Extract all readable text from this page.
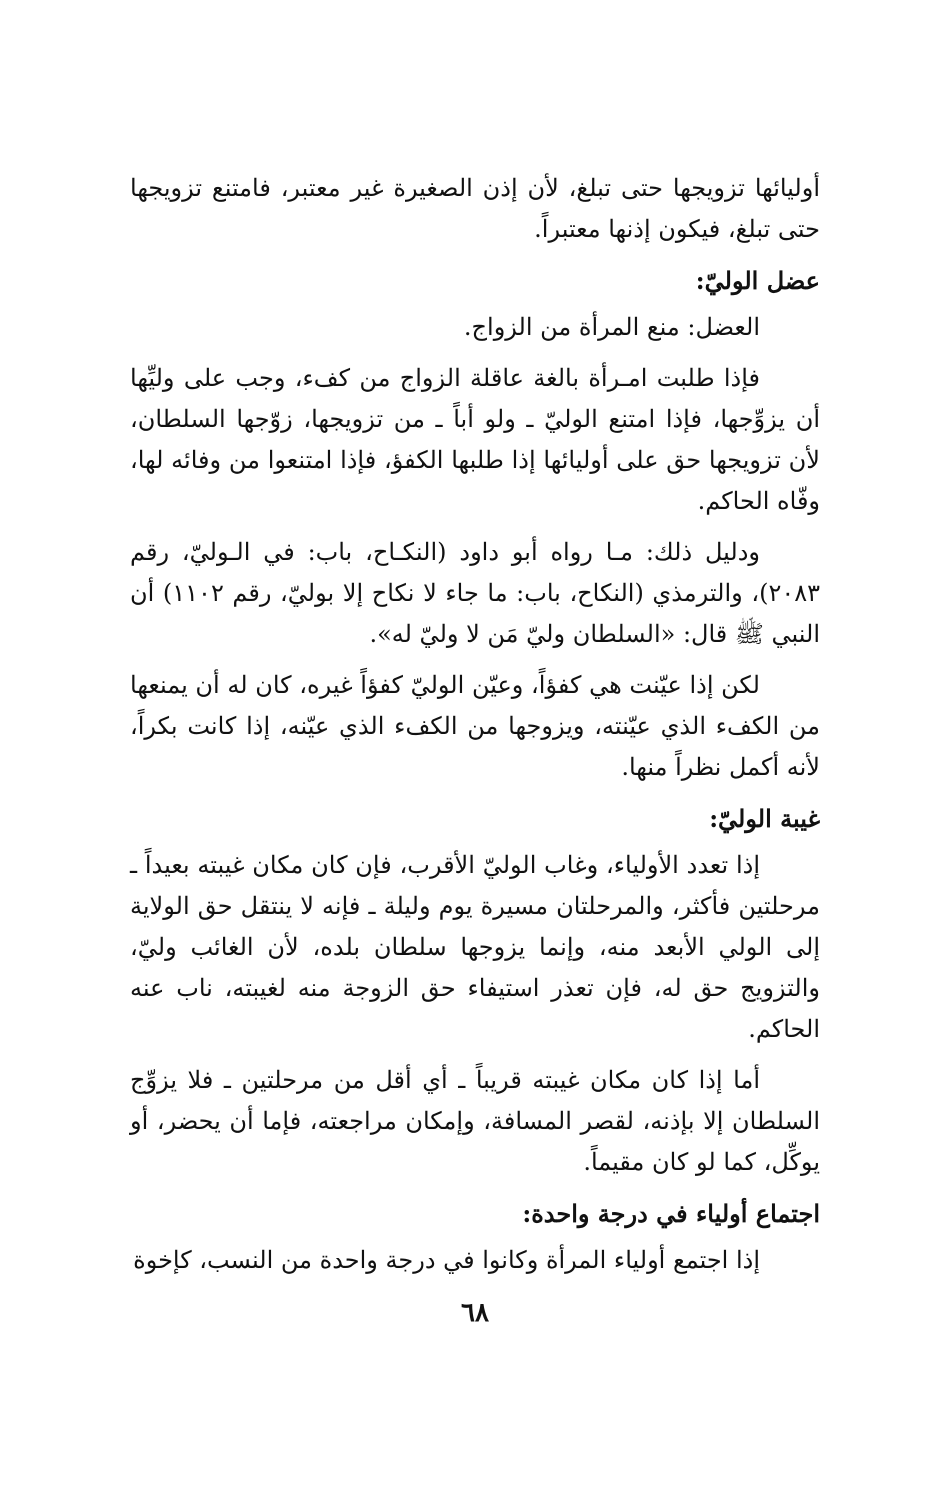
أوليائها تزويجها حتى تبلغ، لأن إذن الصغيرة غير معتبر، فامتنع تزويجها حتى تبلغ، فيكون إذنها معتبراً.

عضل الوليّ:

العضل: منع المرأة من الزواج.

فإذا طلبت امـرأة بالغة عاقلة الزواج من كفء، وجب على وليِّها أن يزوِّجها، فإذا امتنع الوليّ ـ ولو أباً ـ من تزويجها، زوّجها السلطان، لأن تزويجها حق على أوليائها إذا طلبها الكفؤ، فإذا امتنعوا من وفائه لها، وفّاه الحاكم.

ودليل ذلك: مـا رواه أبو داود (النكـاح، باب: في الـوليّ، رقم ٢٠٨٣)، والترمذي (النكاح، باب: ما جاء لا نكاح إلا بوليّ، رقم ١١٠٢) أن النبي ﷺ قال: «السلطان وليّ مَن لا وليّ له».

لكن إذا عيّنت هي كفؤاً، وعيّن الوليّ كفؤاً غيره، كان له أن يمنعها من الكفء الذي عيّنته، ويزوجها من الكفء الذي عيّنه، إذا كانت بكراً، لأنه أكمل نظراً منها.

غيبة الوليّ:

إذا تعدد الأولياء، وغاب الوليّ الأقرب، فإن كان مكان غيبته بعيداً ـ مرحلتين فأكثر، والمرحلتان مسيرة يوم وليلة ـ فإنه لا ينتقل حق الولاية إلى الولي الأبعد منه، وإنما يزوجها سلطان بلده، لأن الغائب وليّ، والتزويج حق له، فإن تعذر استيفاء حق الزوجة منه لغيبته، ناب عنه الحاكم.

أما إذا كان مكان غيبته قريباً ـ أي أقل من مرحلتين ـ فلا يزوِّج السلطان إلا بإذنه، لقصر المسافة، وإمكان مراجعته، فإما أن يحضر، أو يوكِّل، كما لو كان مقيماً.

اجتماع أولياء في درجة واحدة:

إذا اجتمع أولياء المرأة وكانوا في درجة واحدة من النسب، كإخوة

٦٨
